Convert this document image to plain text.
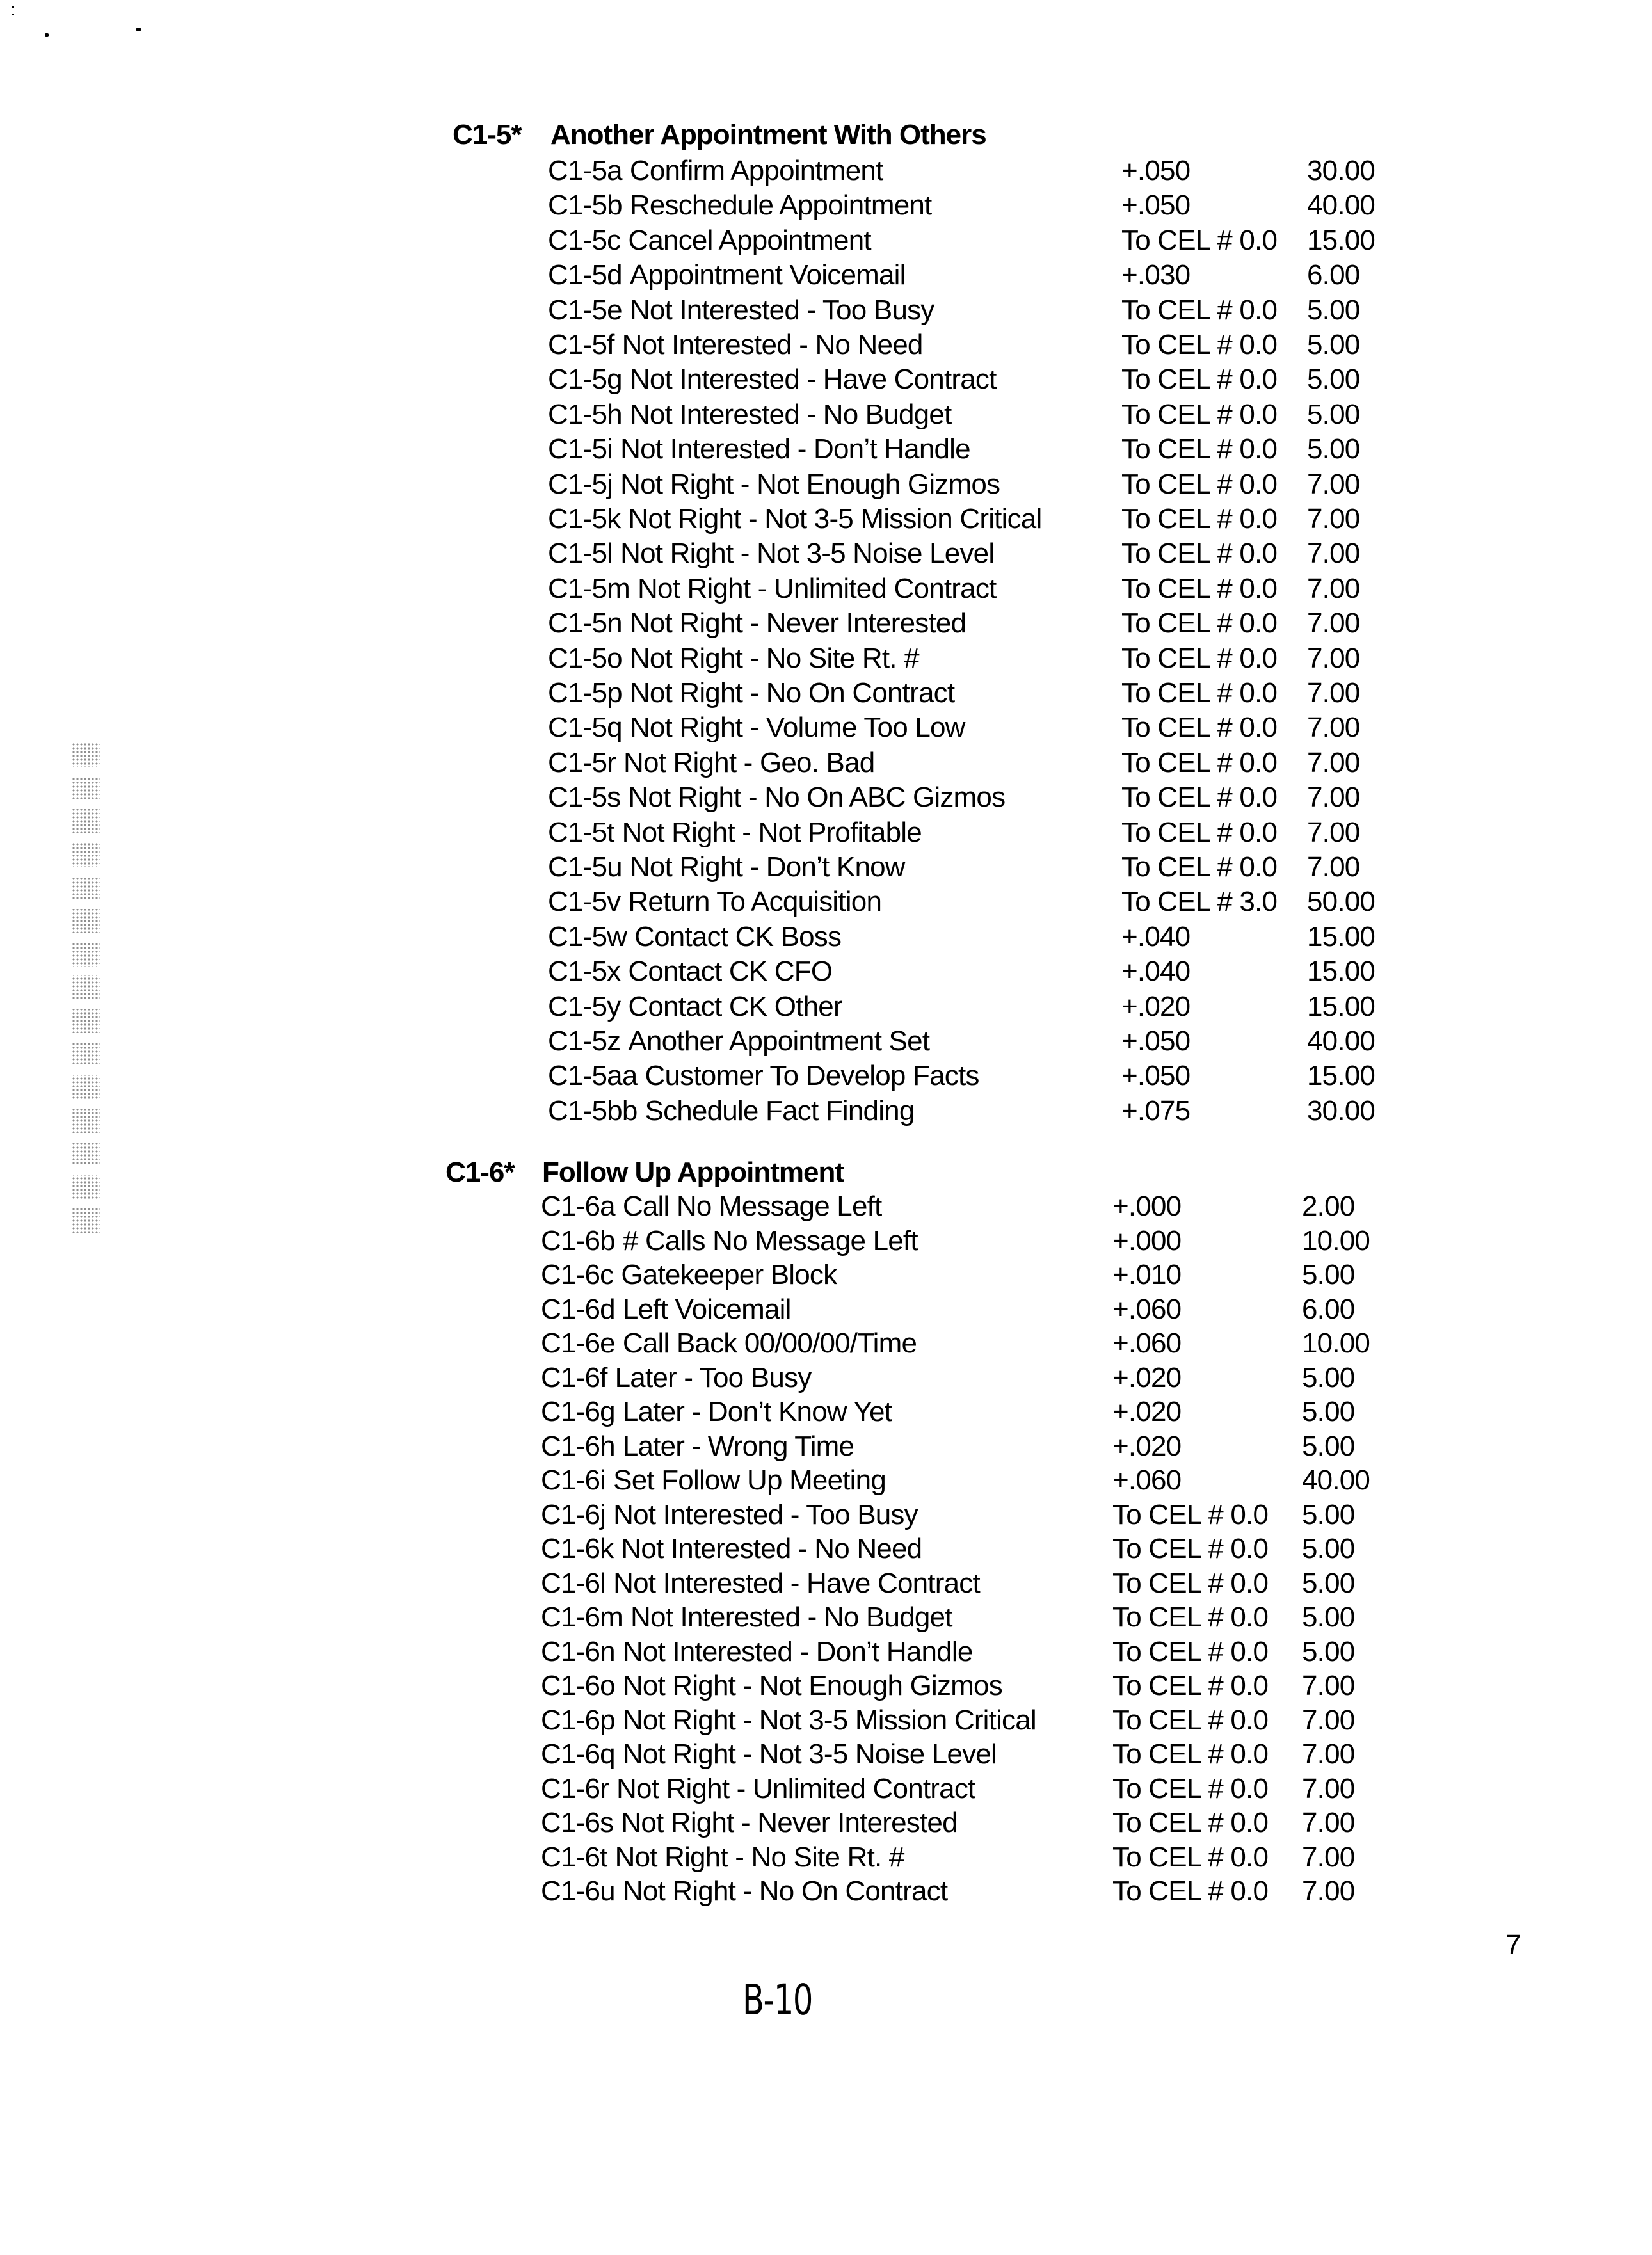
C1-5* Another Appointment With Others
C1-5a Confirm Appointment	+.050	30.00
C1-5b Reschedule Appointment	+.050	40.00
C1-5c Cancel Appointment	To CEL # 0.0 15.00
C1-5d Appointment Voicemail	+.030	6.00
C1-5e Not Interested - Too Busy	To CEL # 0.0 5.00
C1-5f Not Interested - No Need	To CEL # 0.0 5.00
C1-5g Not Interested - Have Contract	To CEL # 0.0 5.00
C1-5h Not Interested - No Budget	To CEL # 0.0 5.00
C1-5i Not Interested - Don’t Handle	To CEL # 0.0 5.00
C1-5j Not Right - Not Enough Gizmos	To CEL # 0.0 7.00
C1-5k Not Right - Not 3-5 Mission Critical	To CEL # 0.0 7.00
C1-5l Not Right - Not 3-5 Noise Level	To CEL # 0.0 7.00
C1-5m Not Right - Unlimited Contract	To CEL # 0.0 7.00
C1-5n Not Right - Never Interested	To CEL # 0.0 7.00
C1-5o Not Right - No Site Rt. #	To CEL # 0.0 7.00
C1-5p Not Right - No On Contract	To CEL # 0.0 7.00
C1-5q Not Right - Volume Too Low	To CEL # 0.0 7.00
C1-5r Not Right - Geo. Bad	To CEL # 0.0 7.00
C1-5s Not Right - No On ABC Gizmos	To CEL # 0.0 7.00
C1-5t Not Right - Not Profitable	To CEL # 0.0 7.00
C1-5u Not Right - Don’t Know	To CEL # 0.0 7.00
C1-5v Return To Acquisition	To CEL # 3.0 50.00
C1-5w Contact CK Boss	+.040	15.00
C1-5x Contact CK CFO	+.040	15.00
C1-5y Contact CK Other	+.020	15.00
C1-5z Another Appointment Set	+.050	40.00
C1-5aa Customer To Develop Facts	+.050	15.00
C1-5bb Schedule Fact Finding	+.075	30.00
C1-6* Follow Up Appointment
C1-6a Call No Message Left	+.000	2.00
C1-6b # Calls No Message Left	+.000	10.00
C1-6c Gatekeeper Block	+.010	5.00
C1-6d Left Voicemail	+.060	6.00
C1-6e Call Back 00/00/00/Time	+.060	10.00
C1-6f Later - Too Busy	+.020	5.00
C1-6g Later - Don’t Know Yet	+.020	5.00
C1-6h Later - Wrong Time	+.020	5.00
C1-6i Set Follow Up Meeting	+.060	40.00
C1-6j Not Interested - Too Busy	To CEL # 0.0 5.00
C1-6k Not Interested - No Need	To CEL # 0.0 5.00
C1-6l Not Interested - Have Contract	To CEL # 0.0 5.00
C1-6m Not Interested - No Budget	To CEL # 0.0 5.00
C1-6n Not Interested - Don’t Handle	To CEL # 0.0 5.00
C1-6o Not Right - Not Enough Gizmos	To CEL # 0.0 7.00
C1-6p Not Right - Not 3-5 Mission Critical	To CEL # 0.0 7.00
C1-6q Not Right - Not 3-5 Noise Level	To CEL # 0.0 7.00
C1-6r Not Right - Unlimited Contract	To CEL # 0.0 7.00
C1-6s Not Right - Never Interested	To CEL # 0.0 7.00
C1-6t Not Right - No Site Rt. #	To CEL # 0.0 7.00
C1-6u Not Right - No On Contract	To CEL # 0.0 7.00
7
B-10
